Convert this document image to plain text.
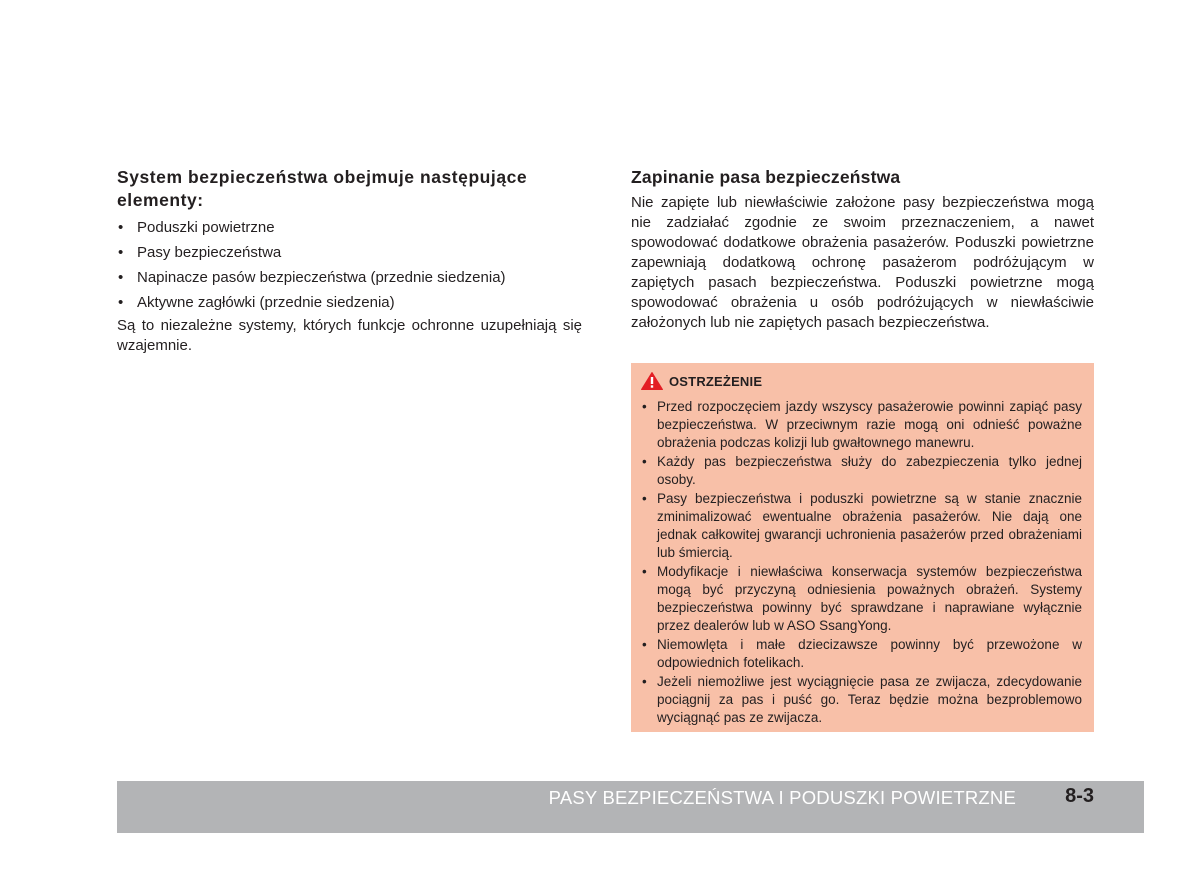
System bezpieczeństwa obejmuje następujące elementy:
• Poduszki powietrzne
• Pasy bezpieczeństwa
• Napinacze pasów bezpieczeństwa (przednie siedzenia)
• Aktywne zagłówki (przednie siedzenia)

Są to niezależne systemy, których funkcje ochronne uzupełniają się wzajemnie.

Zapinanie pasa bezpieczeństwa

Nie zapięte lub niewłaściwie założone pasy bezpieczeństwa mogą nie zadziałać zgodnie ze swoim przeznaczeniem, a nawet spowodować dodatkowe obrażenia pasażerów. Poduszki powietrzne zapewniają dodatkową ochronę pasażerom podróżującym w zapiętych pasach bezpieczeństwa. Poduszki powietrzne mogą spowodować obrażenia u osób podróżujących w niewłaściwie założonych lub nie zapiętych pasach bezpieczeństwa.

OSTRZEŻENIE
• Przed rozpoczęciem jazdy wszyscy pasażerowie powinni zapiąć pasy bezpieczeństwa. W przeciwnym razie mogą oni odnieść poważne obrażenia podczas kolizji lub gwałtownego manewru.
• Każdy pas bezpieczeństwa służy do zabezpieczenia tylko jednej osoby.
• Pasy bezpieczeństwa i poduszki powietrzne są w stanie znacznie zminimalizować ewentualne obrażenia pasażerów. Nie dają one jednak całkowitej gwarancji uchronienia pasażerów przed obrażeniami lub śmiercią.
• Modyfikacje i niewłaściwa konserwacja systemów bezpieczeństwa mogą być przyczyną odniesienia poważnych obrażeń. Systemy bezpieczeństwa powinny być sprawdzane i naprawiane wyłącznie przez dealerów lub w ASO SsangYong.
• Niemowlęta i małe dziecizawsze powinny być przewożone w odpowiednich fotelikach.
• Jeżeli niemożliwe jest wyciągnięcie pasa ze zwijacza, zdecydowanie pociągnij za pas i puść go. Teraz będzie można bezproblemowo wyciągnąć pas ze zwijacza.
PASY BEZPIECZEŃSTWA I PODUSZKI POWIETRZNE 8-3
